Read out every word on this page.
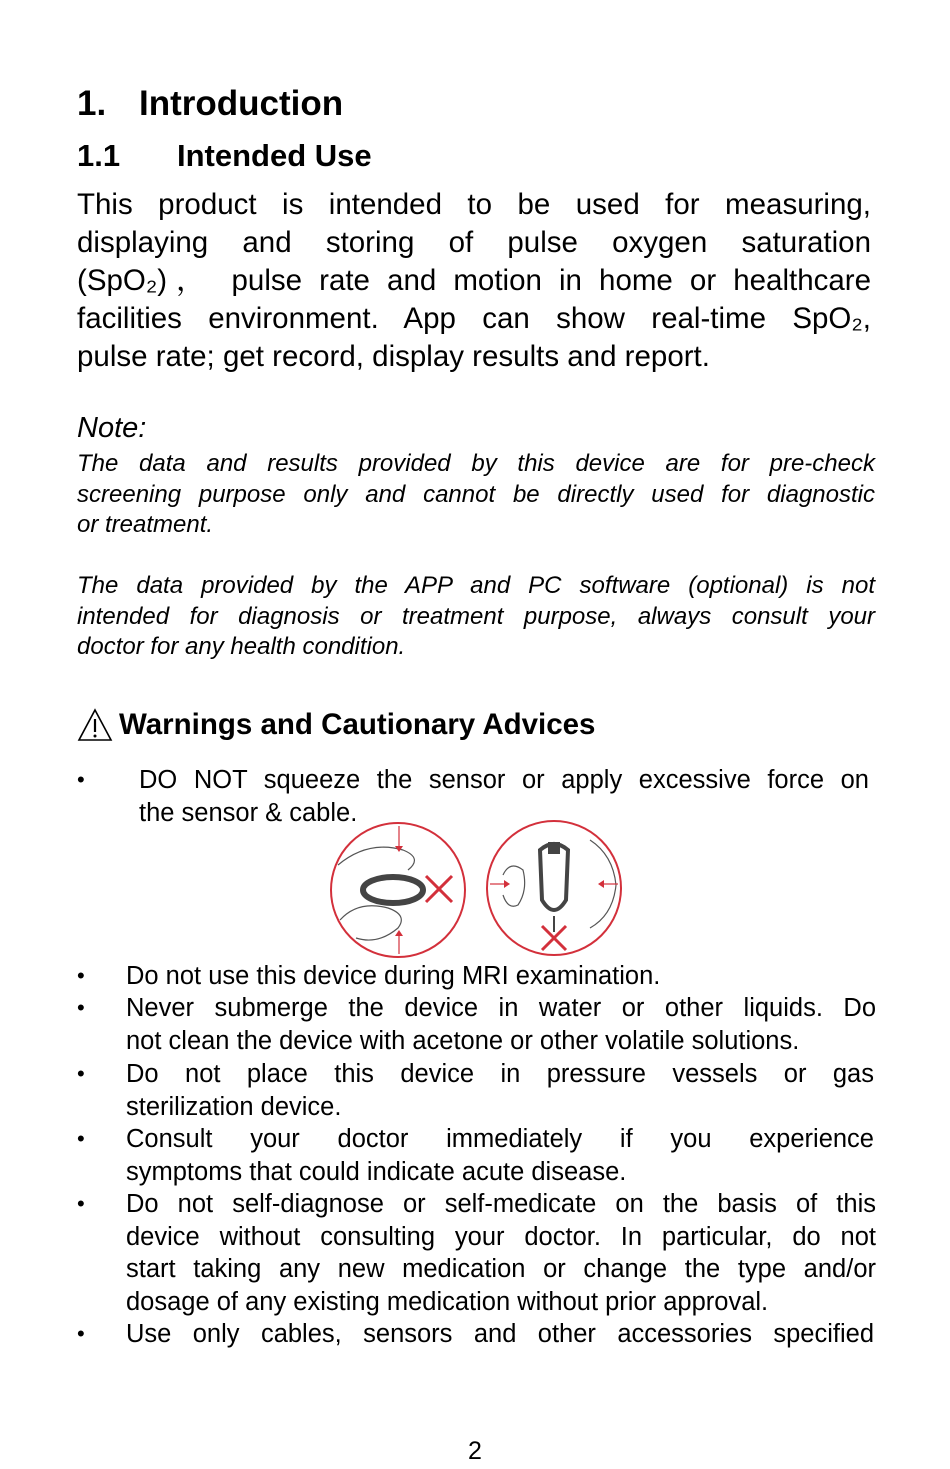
1. Introduction
1.1 Intended Use
This product is intended to be used for measuring,
displaying and storing of pulse oxygen saturation
(SpO₂)， pulse rate and motion in home or healthcare
facilities environment. App can show real-time SpO₂,
pulse rate; get record, display results and report.
Note:
The data and results provided by this device are for pre-check
screening purpose only and cannot be directly used for diagnostic
or treatment.
The data provided by the APP and PC software (optional) is not
intended for diagnosis or treatment purpose, always consult your
doctor for any health condition.
Warnings and Cautionary Advices
• DO NOT squeeze the sensor or apply excessive force on
the sensor & cable.
• Do not use this device during MRI examination.
• Never submerge the device in water or other liquids. Do
not clean the device with acetone or other volatile solutions.
• Do not place this device in pressure vessels or gas
sterilization device.
• Consult your doctor immediately if you experience
symptoms that could indicate acute disease.
• Do not self-diagnose or self-medicate on the basis of this
device without consulting your doctor. In particular, do not
start taking any new medication or change the type and/or
dosage of any existing medication without prior approval.
• Use only cables, sensors and other accessories specified
2
